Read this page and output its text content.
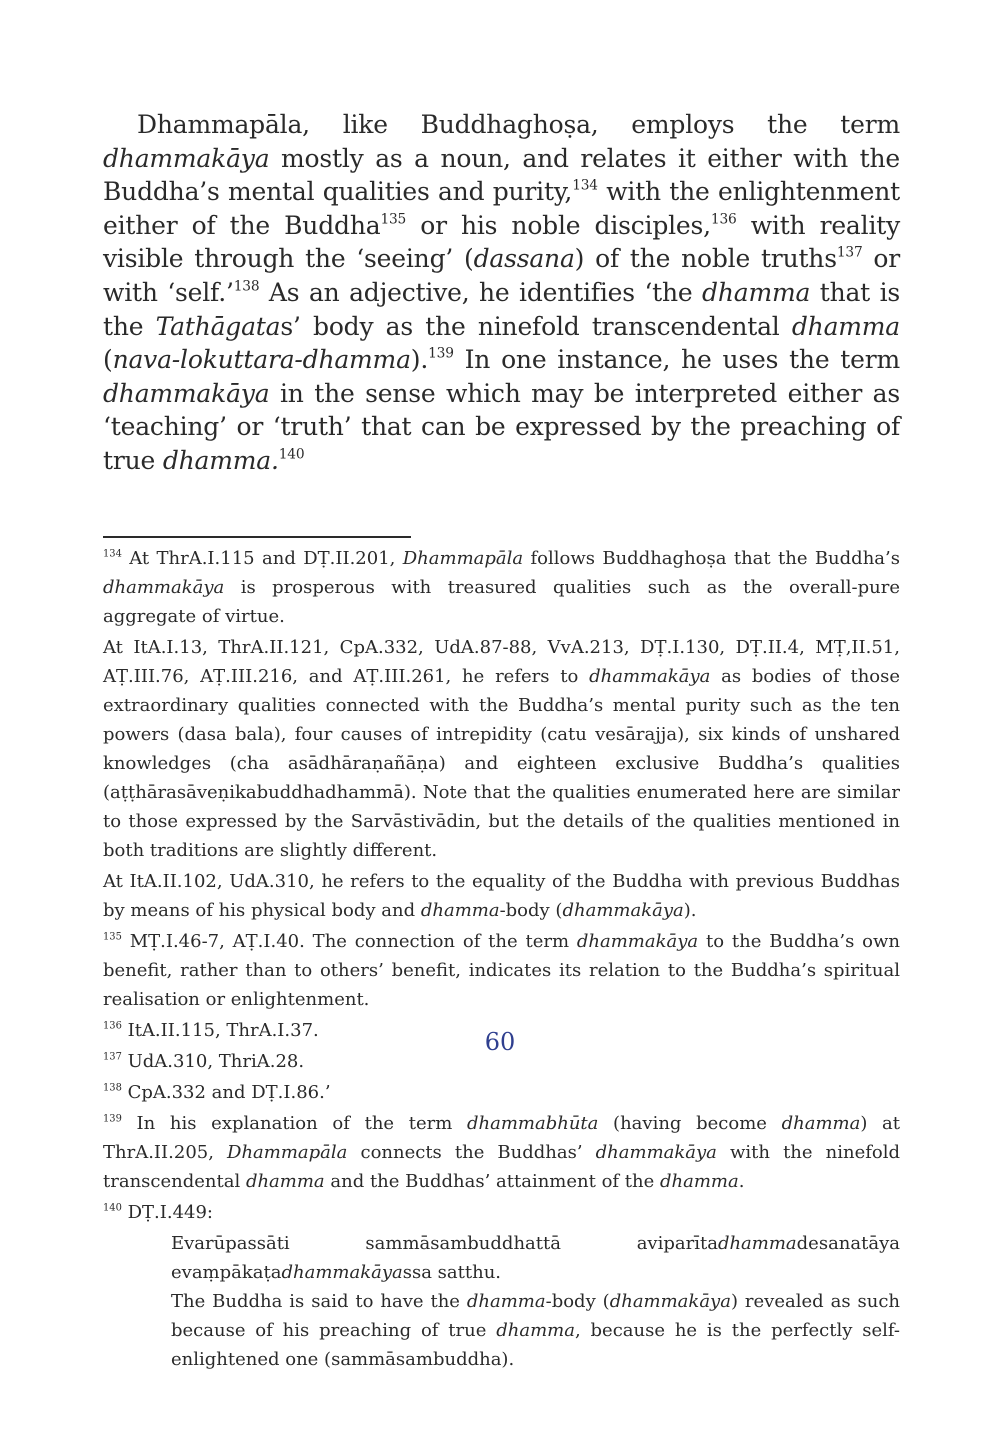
Dhammapāla, like Buddhaghoṣa, employs the term dhammakāya mostly as a noun, and relates it either with the Buddha’s mental qualities and purity,$^{134}$ with the enlightenment either of the Buddha$^{135}$ or his noble disciples,$^{136}$ with reality visible through the ‘seeing’ (dassana) of the noble truths$^{137}$ or with ‘self.’$^{138}$ As an adjective, he identifies ‘the dhamma that is the Tathāgatas’ body as the ninefold transcendental dhamma (nava-lokuttara-dhamma).$^{139}$ In one instance, he uses the term dhammakāya in the sense which may be interpreted either as ‘teaching’ or ‘truth’ that can be expressed by the preaching of true dhamma.$^{140}$

$^{134}$ At ThrA.I.115 and DṬ.II.201, Dhammapāla follows Buddhaghoṣa that the Buddha’s dhammakāya is prosperous with treasured qualities such as the overall-pure aggregate of virtue.

At ItA.I.13, ThrA.II.121, CpA.332, UdA.87-88, VvA.213, DṬ.I.130, DṬ.II.4, MṬ,II.51, AṬ.III.76, AṬ.III.216, and AṬ.III.261, he refers to dhammakāya as bodies of those extraordinary qualities connected with the Buddha’s mental purity such as the ten powers (dasa bala), four causes of intrepidity (catu vesārajja), six kinds of unshared knowledges (cha asādhāraṇañāṇa) and eighteen exclusive Buddha’s qualities (aṭṭhārasāveṇikabuddhadhammā). Note that the qualities enumerated here are similar to those expressed by the Sarvāstivādin, but the details of the qualities mentioned in both traditions are slightly different.

At ItA.II.102, UdA.310, he refers to the equality of the Buddha with previous Buddhas by means of his physical body and dhamma-body (dhammakāya).

$^{135}$ MṬ.I.46-7, AṬ.I.40. The connection of the term dhammakāya to the Buddha’s own benefit, rather than to others’ benefit, indicates its relation to the Buddha’s spiritual realisation or enlightenment.

$^{136}$ ItA.II.115, ThrA.I.37.

$^{137}$ UdA.310, ThriA.28.

$^{138}$ CpA.332 and DṬ.I.86.’

$^{139}$ In his explanation of the term dhammabhūta (having become dhamma) at ThrA.II.205, Dhammapāla connects the Buddhas’ dhammakāya with the ninefold transcendental dhamma and the Buddhas’ attainment of the dhamma.

$^{140}$ DṬ.I.449:

Evarūpassāti sammāsambuddhattā aviparītadhammadesanatāya

evaṃpākaṭadhammakāyassa satthu.

The Buddha is said to have the dhamma-body (dhammakāya) revealed as such because of his preaching of true dhamma, because he is the perfectly self-enlightened one (sammāsambuddha).

60
